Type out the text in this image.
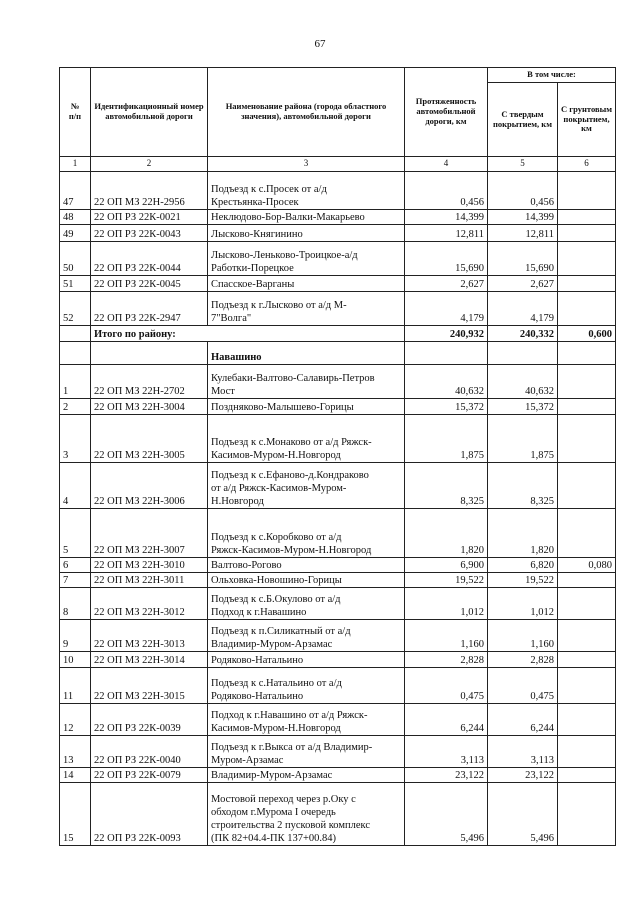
67
№
п/п	Идентификационный номер автомобильной дороги	Наименование района (города областного значения), автомобильной дороги	Протяженность автомобильной дороги, км	В том числе:	
				С твердым покрытием, км	С грунтовым покрытием, км
1	2	3	4	5	6
47	22 ОП МЗ 22Н-2956	Подъезд к с.Просек от а/д
Крестьянка-Просек	0,456	0,456	
48	22 ОП РЗ 22К-0021	Неклюдово-Бор-Валки-Макарьево	14,399	14,399	
49	22 ОП РЗ 22К-0043	Лысково-Княгинино	12,811	12,811	
50	22 ОП РЗ 22К-0044	Лысково-Леньково-Троицкое-а/д
Работки-Порецкое	15,690	15,690	
51	22 ОП РЗ 22К-0045	Спасское-Варганы	2,627	2,627	
52	22 ОП РЗ 22К-2947	Подъезд к г.Лысково от а/д М-
7"Волга"	4,179	4,179	
	Итого по району:		240,932	240,332	0,600
		Навашино			
1	22 ОП МЗ 22Н-2702	Кулебаки-Валтово-Салавирь-Петров
Мост	40,632	40,632	
2	22 ОП МЗ 22Н-3004	Поздняково-Малышево-Горицы	15,372	15,372	
3	22 ОП МЗ 22Н-3005	Подъезд к с.Монаково от а/д Ряжск-
Касимов-Муром-Н.Новгород	1,875	1,875	
4	22 ОП МЗ 22Н-3006	Подъезд к с.Ефаново-д.Кондраково
от а/д Ряжск-Касимов-Муром-
Н.Новгород	8,325	8,325	
5	22 ОП МЗ 22Н-3007	Подъезд к с.Коробково от а/д
Ряжск-Касимов-Муром-Н.Новгород	1,820	1,820	
6	22 ОП МЗ 22Н-3010	Валтово-Рогово	6,900	6,820	0,080
7	22 ОП МЗ 22Н-3011	Ольховка-Новошино-Горицы	19,522	19,522	
8	22 ОП МЗ 22Н-3012	Подъезд к с.Б.Окулово от а/д
Подход к г.Навашино	1,012	1,012	
9	22 ОП МЗ 22Н-3013	Подъезд к п.Силикатный от а/д
Владимир-Муром-Арзамас	1,160	1,160	
10	22 ОП МЗ 22Н-3014	Родяково-Натальино	2,828	2,828	
11	22 ОП МЗ 22Н-3015	Подъезд к с.Натальино от а/д
Родяково-Натальино	0,475	0,475	
12	22 ОП РЗ 22К-0039	Подход к г.Навашино от а/д Ряжск-
Касимов-Муром-Н.Новгород	6,244	6,244	
13	22 ОП РЗ 22К-0040	Подъезд к г.Выкса от а/д Владимир-
Муром-Арзамас	3,113	3,113	
14	22 ОП РЗ 22К-0079	Владимир-Муром-Арзамас	23,122	23,122	
15	22 ОП РЗ 22К-0093	Мостовой переход через р.Оку с
обходом г.Мурома I очередь
строительства 2 пусковой комплекс
(ПК 82+04.4-ПК 137+00.84)	5,496	5,496	
